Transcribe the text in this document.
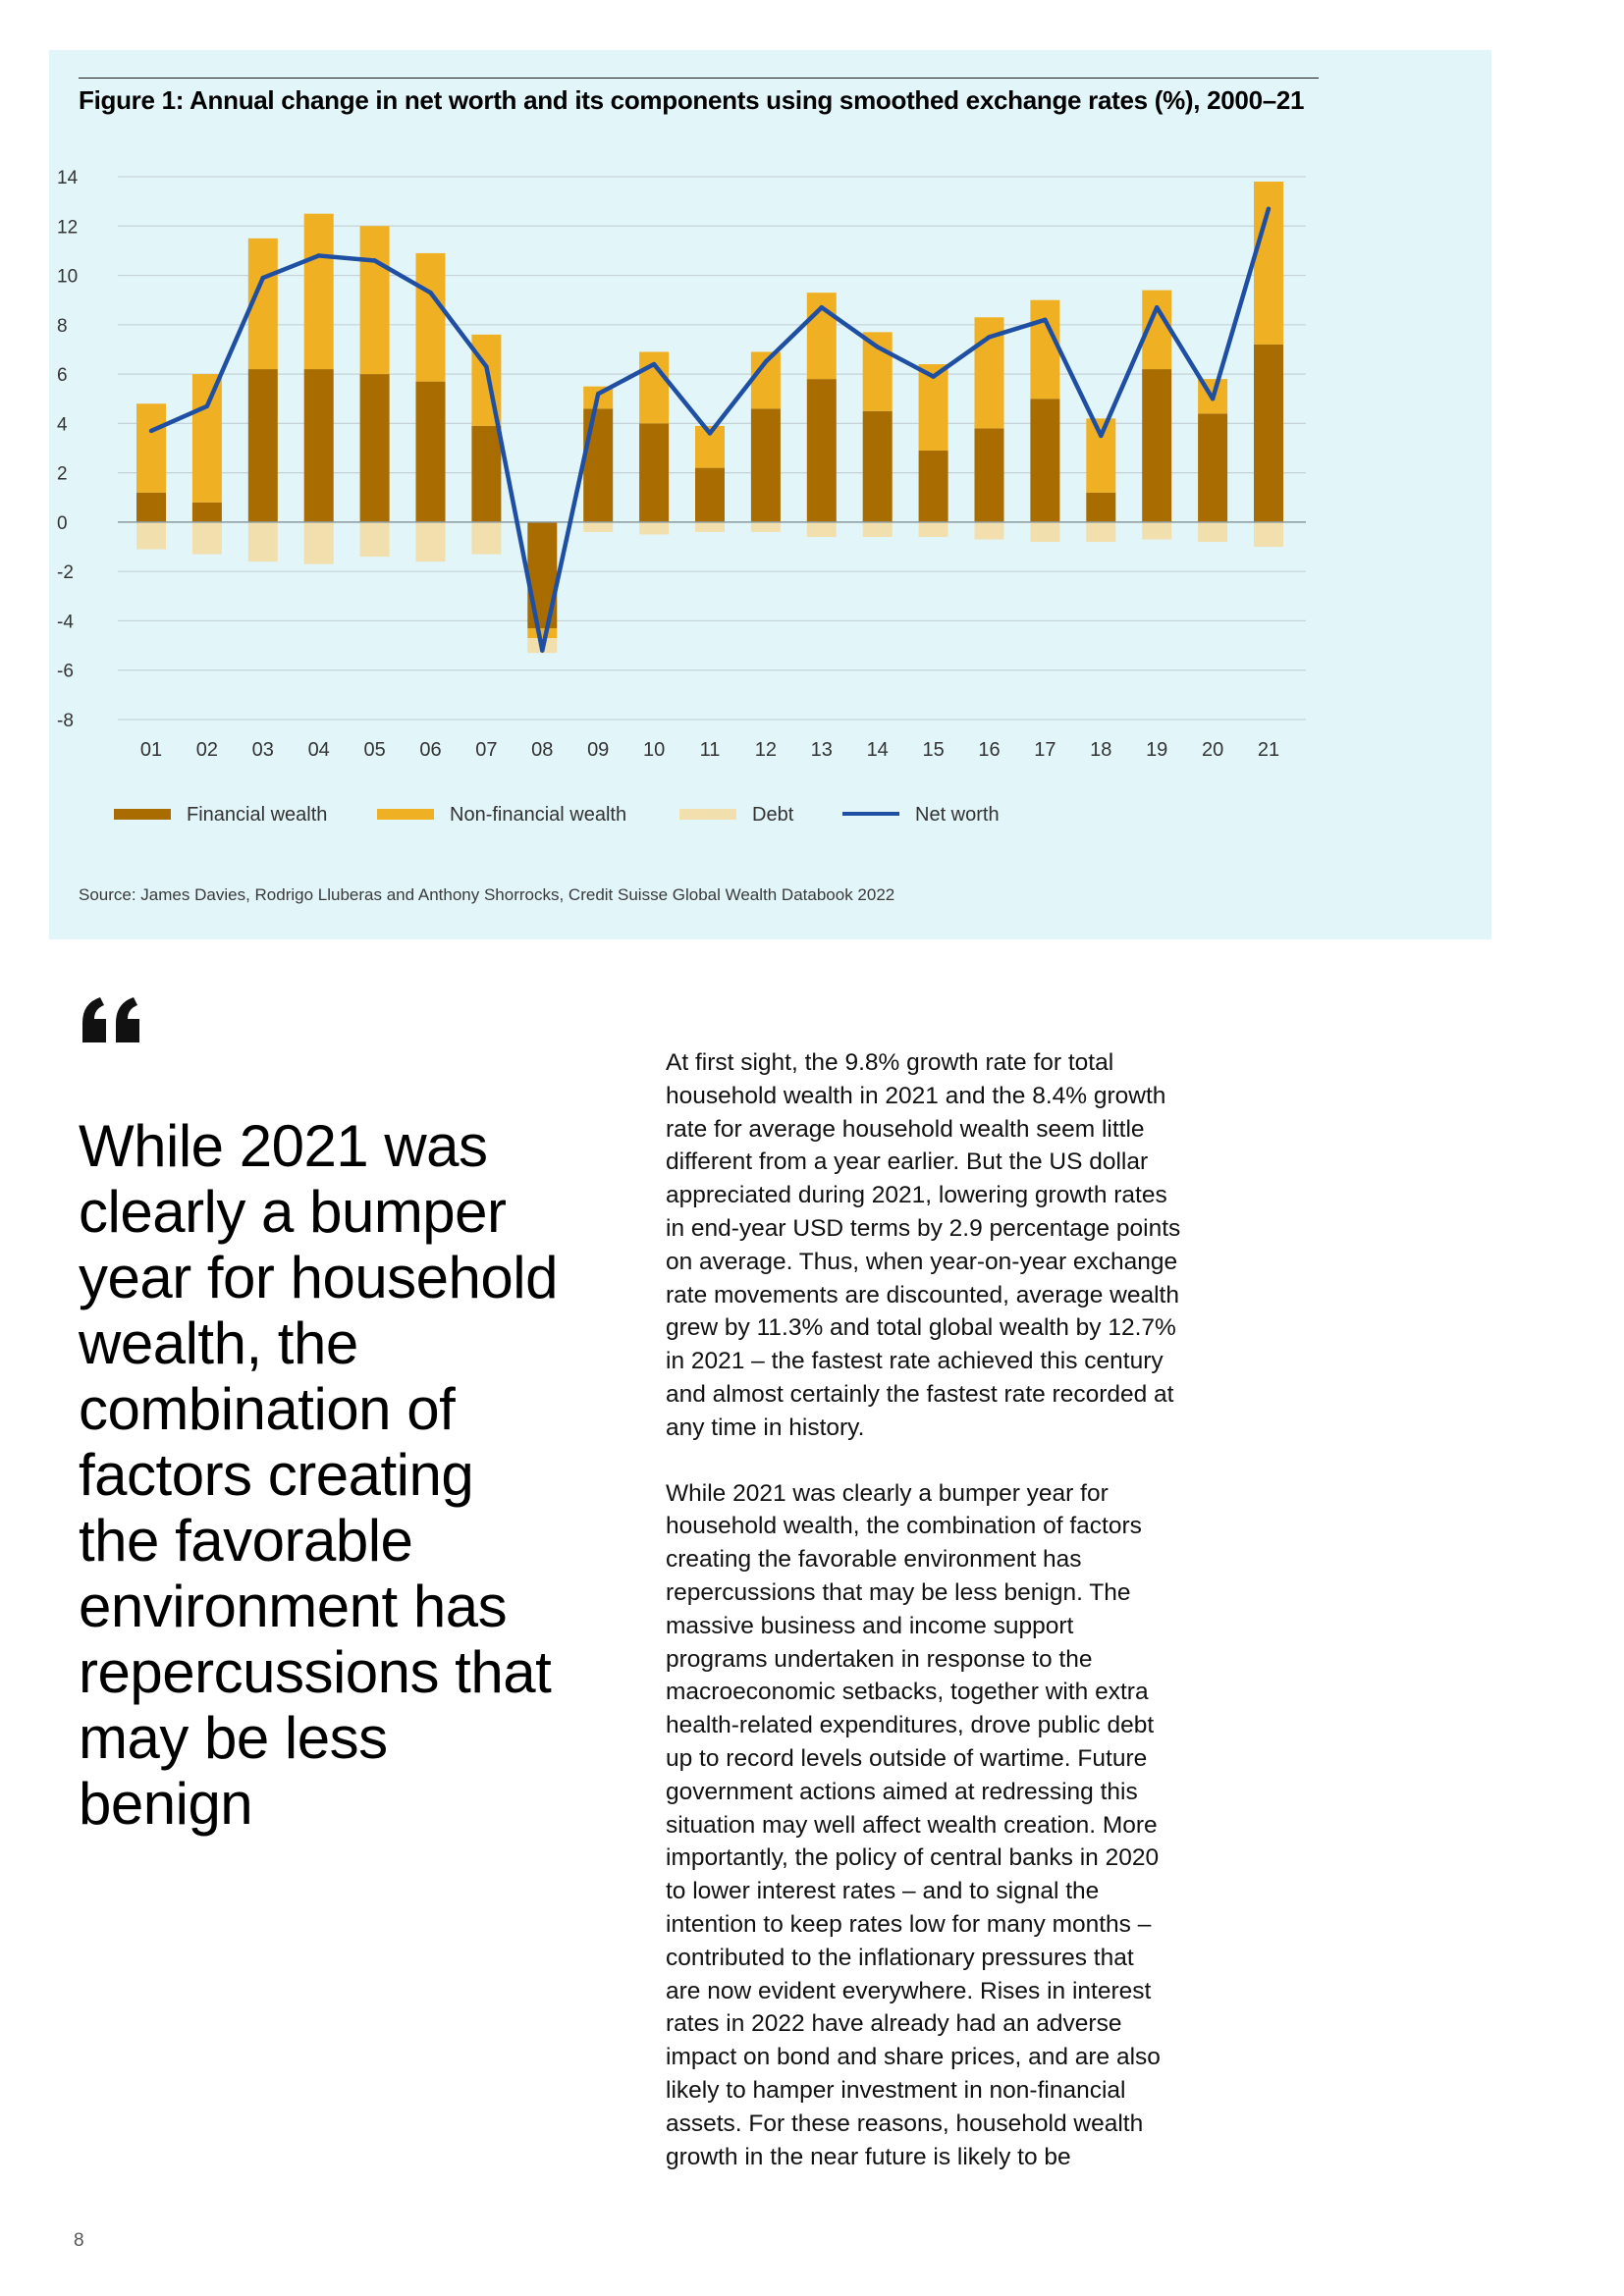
Figure 1: Annual change in net worth and its components using smoothed exchange rates (%), 2000–21
14
12
10
8
6
4
2
0
-2
-4
-6
-8
01 02 03 04 05 06 07 08 09 10 11 12 13 14 15 16 17 18 19 20 21
Financial wealth	Non-financial wealth	Debt	Net worth
Source: James Davies, Rodrigo Lluberas and Anthony Shorrocks, Credit Suisse Global Wealth Databook 2022
While 2021 was
clearly a bumper
year for household
wealth, the
combination of
factors creating
the favorable
environment has
repercussions that
may be less
benign

At first sight, the 9.8% growth rate for total
household wealth in 2021 and the 8.4% growth
rate for average household wealth seem little
different from a year earlier. But the US dollar
appreciated during 2021, lowering growth rates
in end-year USD terms by 2.9 percentage points
on average. Thus, when year-on-year exchange
rate movements are discounted, average wealth
grew by 11.3% and total global wealth by 12.7%
in 2021 – the fastest rate achieved this century
and almost certainly the fastest rate recorded at
any time in history.

While 2021 was clearly a bumper year for
household wealth, the combination of factors
creating the favorable environment has
repercussions that may be less benign. The
massive business and income support
programs undertaken in response to the
macroeconomic setbacks, together with extra
health-related expenditures, drove public debt
up to record levels outside of wartime. Future
government actions aimed at redressing this
situation may well affect wealth creation. More
importantly, the policy of central banks in 2020
to lower interest rates – and to signal the
intention to keep rates low for many months –
contributed to the inflationary pressures that
are now evident everywhere. Rises in interest
rates in 2022 have already had an adverse
impact on bond and share prices, and are also
likely to hamper investment in non-financial
assets. For these reasons, household wealth
growth in the near future is likely to be

8
